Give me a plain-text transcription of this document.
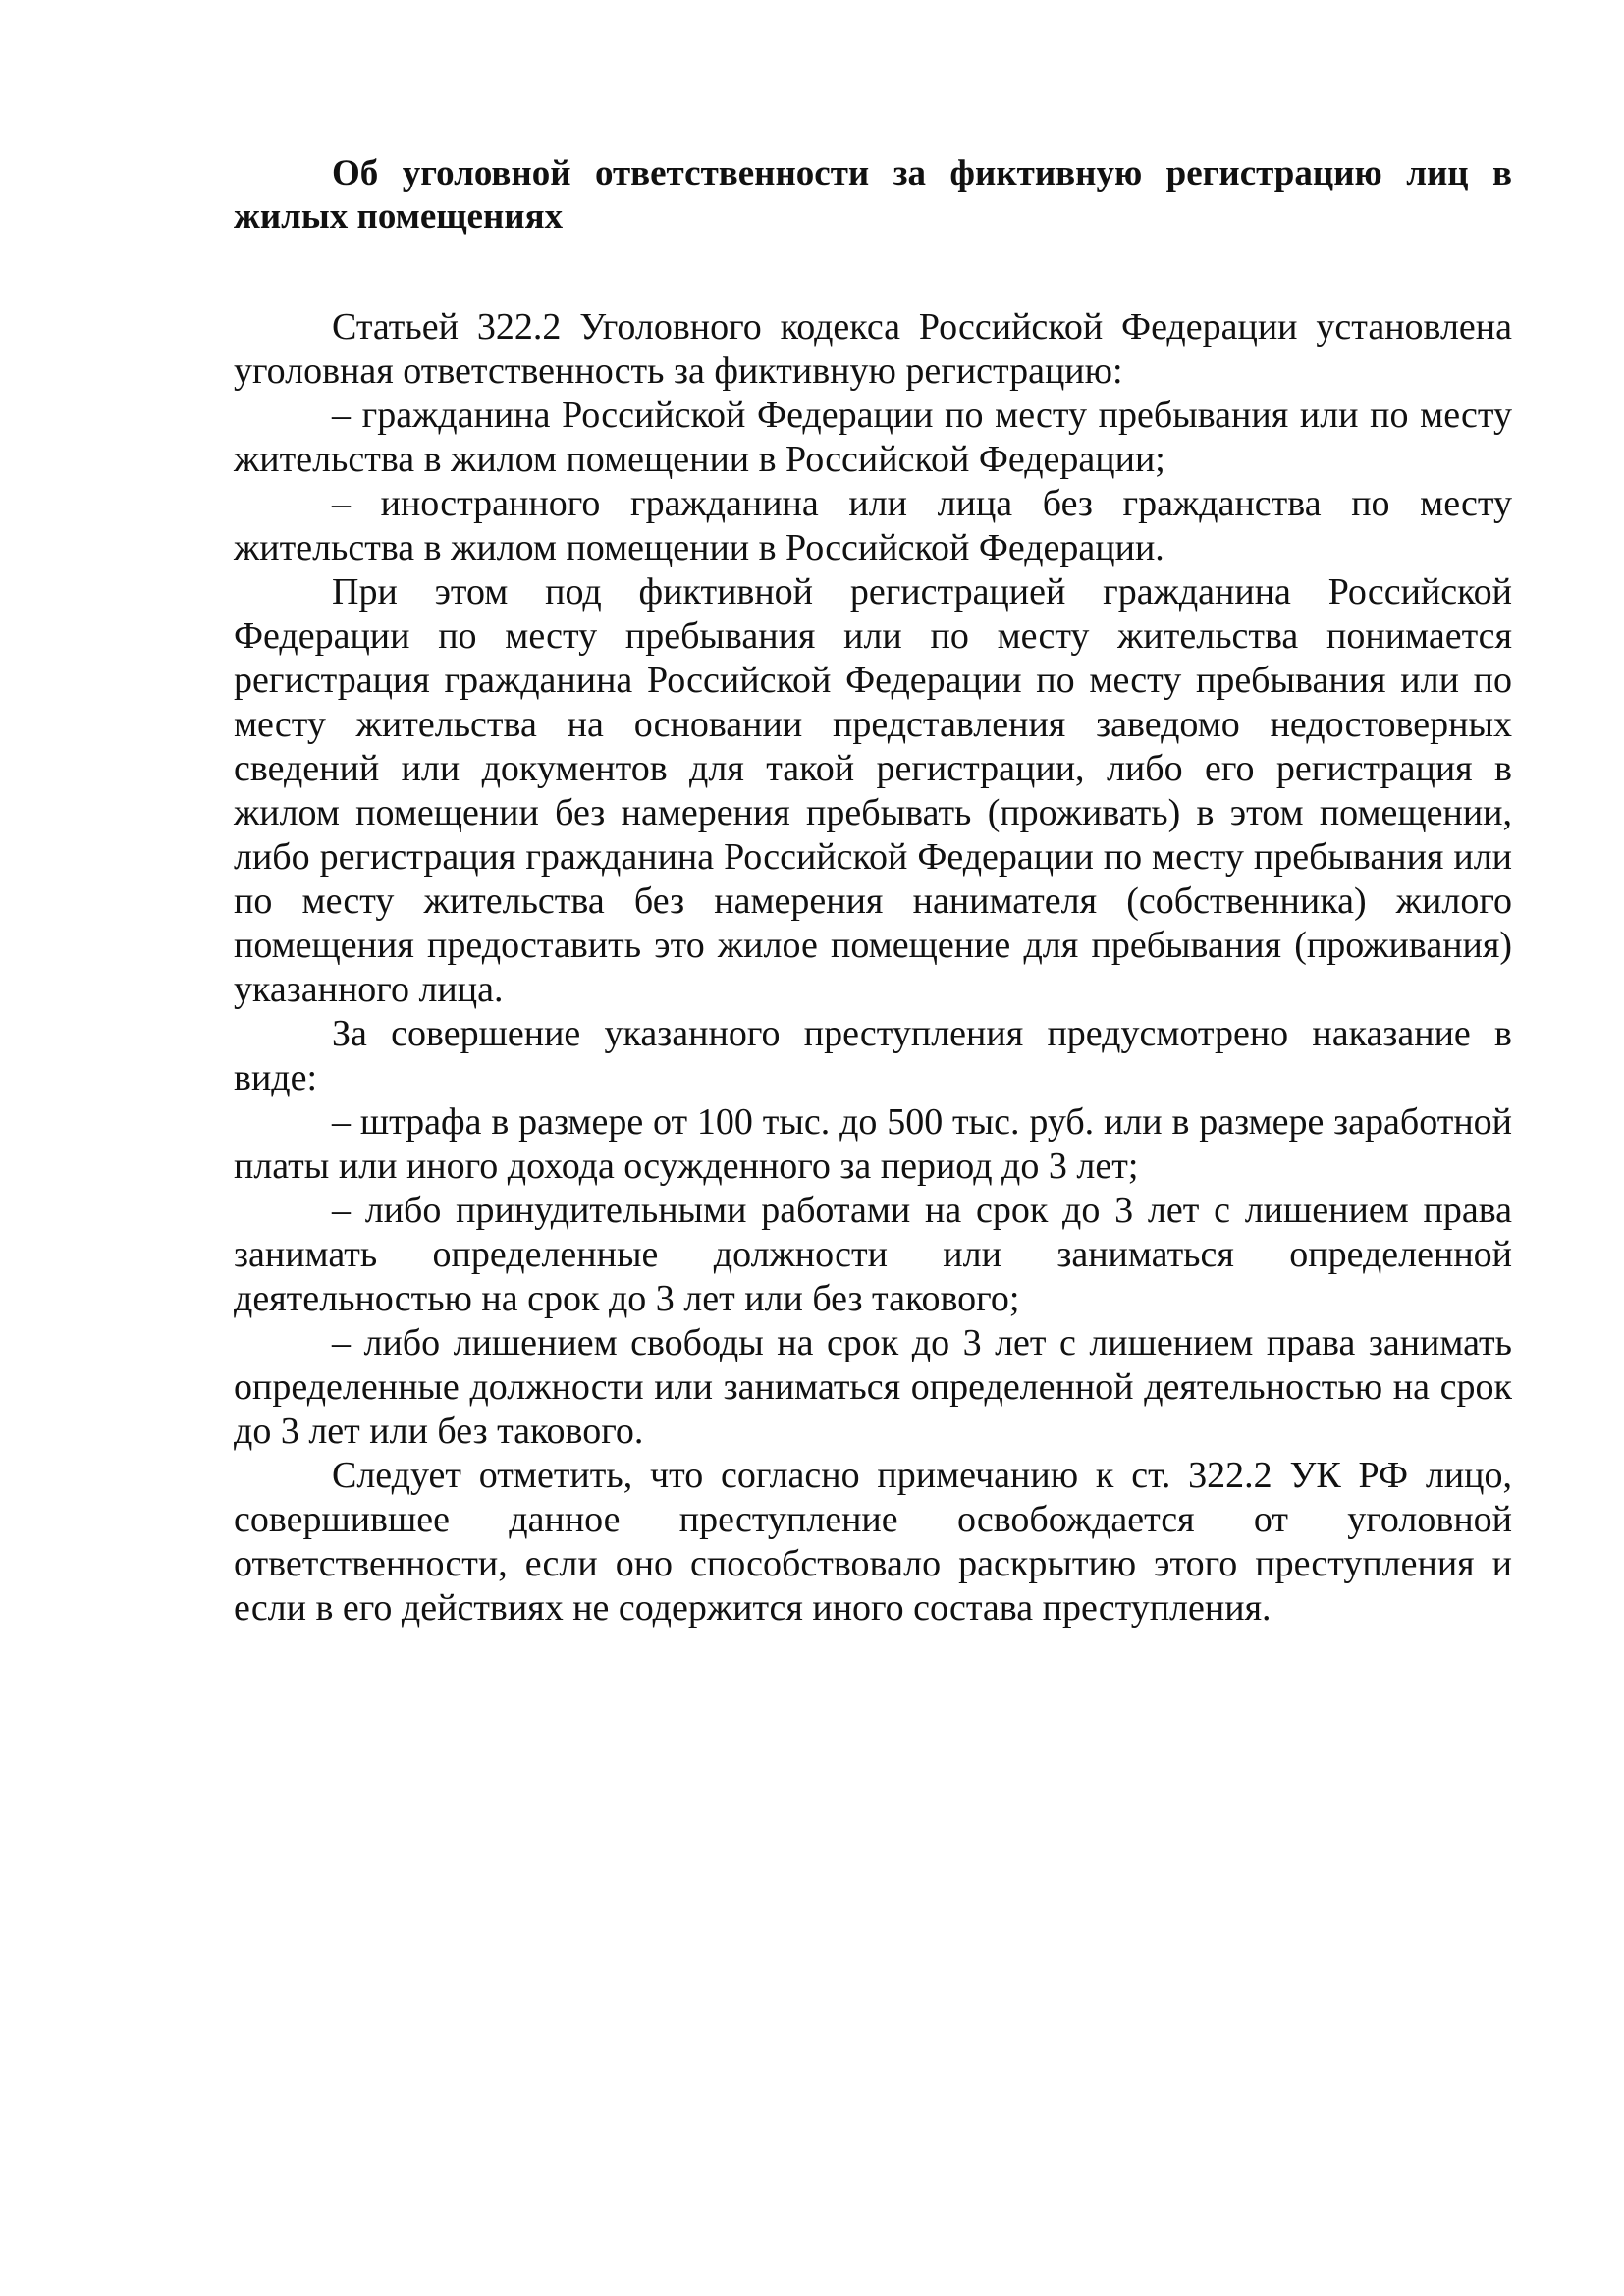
Об уголовной ответственности за фиктивную регистрацию лиц в жилых помещениях

Статьей 322.2 Уголовного кодекса Российской Федерации установлена уголовная ответственность за фиктивную регистрацию:

– гражданина Российской Федерации по месту пребывания или по месту жительства в жилом помещении в Российской Федерации;

– иностранного гражданина или лица без гражданства по месту жительства в жилом помещении в Российской Федерации.

При этом под фиктивной регистрацией гражданина Российской Федерации по месту пребывания или по месту жительства понимается регистрация гражданина Российской Федерации по месту пребывания или по месту жительства на основании представления заведомо недостоверных сведений или документов для такой регистрации, либо его регистрация в жилом помещении без намерения пребывать (проживать) в этом помещении, либо регистрация гражданина Российской Федерации по месту пребывания или по месту жительства без намерения нанимателя (собственника) жилого помещения предоставить это жилое помещение для пребывания (проживания) указанного лица.

За совершение указанного преступления предусмотрено наказание в виде:

– штрафа в размере от 100 тыс. до 500 тыс. руб. или в размере заработной платы или иного дохода осужденного за период до 3 лет;

– либо принудительными работами на срок до 3 лет с лишением права занимать определенные должности или заниматься определенной деятельностью на срок до 3 лет или без такового;

– либо лишением свободы на срок до 3 лет с лишением права занимать определенные должности или заниматься определенной деятельностью на срок до 3 лет или без такового.

Следует отметить, что согласно примечанию к ст. 322.2 УК РФ лицо, совершившее данное преступление освобождается от уголовной ответственности, если оно способствовало раскрытию этого преступления и если в его действиях не содержится иного состава преступления.
